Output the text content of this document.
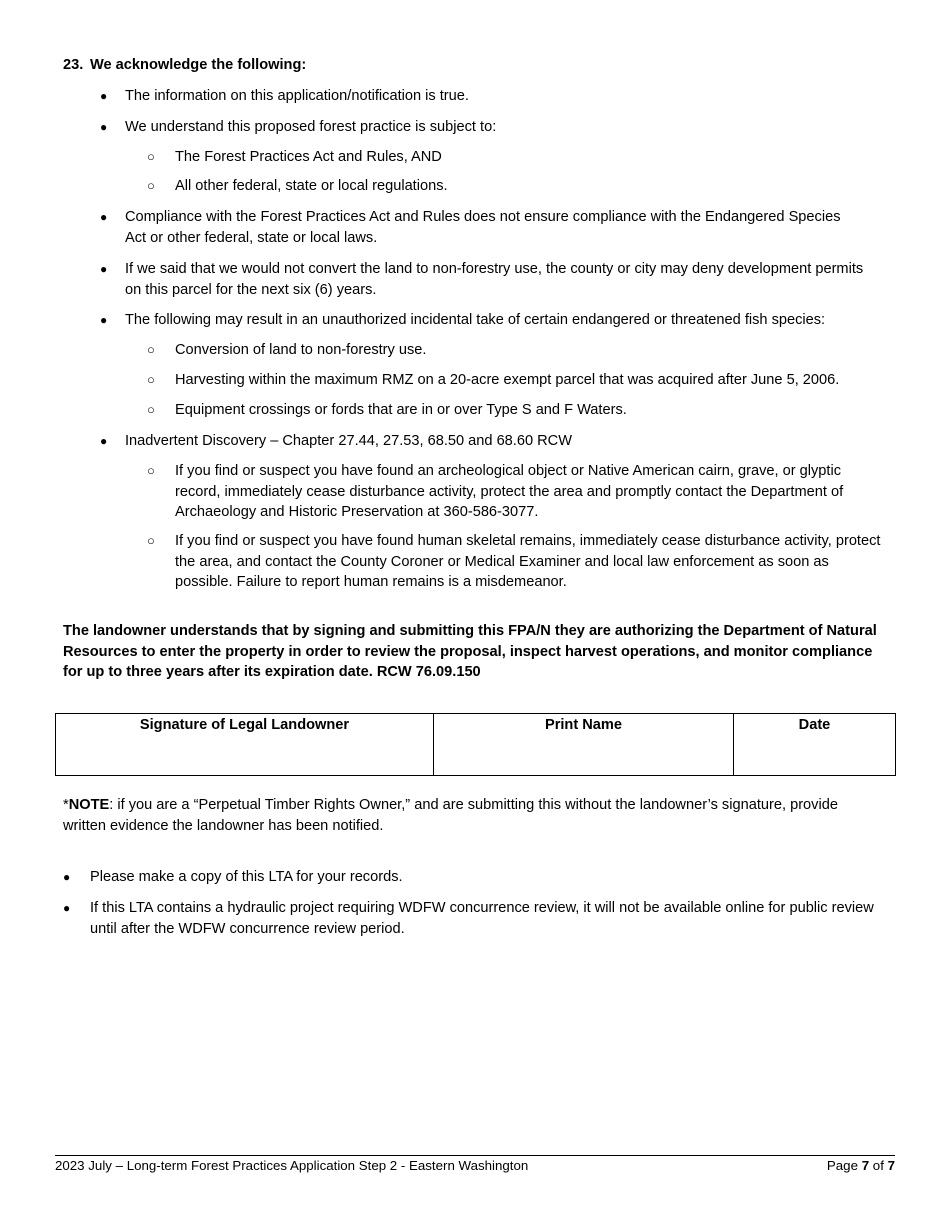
23. We acknowledge the following:
● The information on this application/notification is true.
● We understand this proposed forest practice is subject to:
○ The Forest Practices Act and Rules, AND
○ All other federal, state or local regulations.
● Compliance with the Forest Practices Act and Rules does not ensure compliance with the Endangered Species Act or other federal, state or local laws.
● If we said that we would not convert the land to non-forestry use, the county or city may deny development permits on this parcel for the next six (6) years.
● The following may result in an unauthorized incidental take of certain endangered or threatened fish species:
○ Conversion of land to non-forestry use.
○ Harvesting within the maximum RMZ on a 20-acre exempt parcel that was acquired after June 5, 2006.
○ Equipment crossings or fords that are in or over Type S and F Waters.
● Inadvertent Discovery – Chapter 27.44, 27.53, 68.50 and 68.60 RCW
○ If you find or suspect you have found an archeological object or Native American cairn, grave, or glyptic record, immediately cease disturbance activity, protect the area and promptly contact the Department of Archaeology and Historic Preservation at 360-586-3077.
○ If you find or suspect you have found human skeletal remains, immediately cease disturbance activity, protect the area, and contact the County Coroner or Medical Examiner and local law enforcement as soon as possible. Failure to report human remains is a misdemeanor.
The landowner understands that by signing and submitting this FPA/N they are authorizing the Department of Natural Resources to enter the property in order to review the proposal, inspect harvest operations, and monitor compliance for up to three years after its expiration date. RCW 76.09.150
Signature of Legal Landowner	Print Name	Date
*NOTE: if you are a “Perpetual Timber Rights Owner,” and are submitting this without the landowner’s signature, provide written evidence the landowner has been notified.
● Please make a copy of this LTA for your records.
● If this LTA contains a hydraulic project requiring WDFW concurrence review, it will not be available online for public review until after the WDFW concurrence review period.
2023 July – Long-term Forest Practices Application Step 2 - Eastern Washington	Page 7 of 7
